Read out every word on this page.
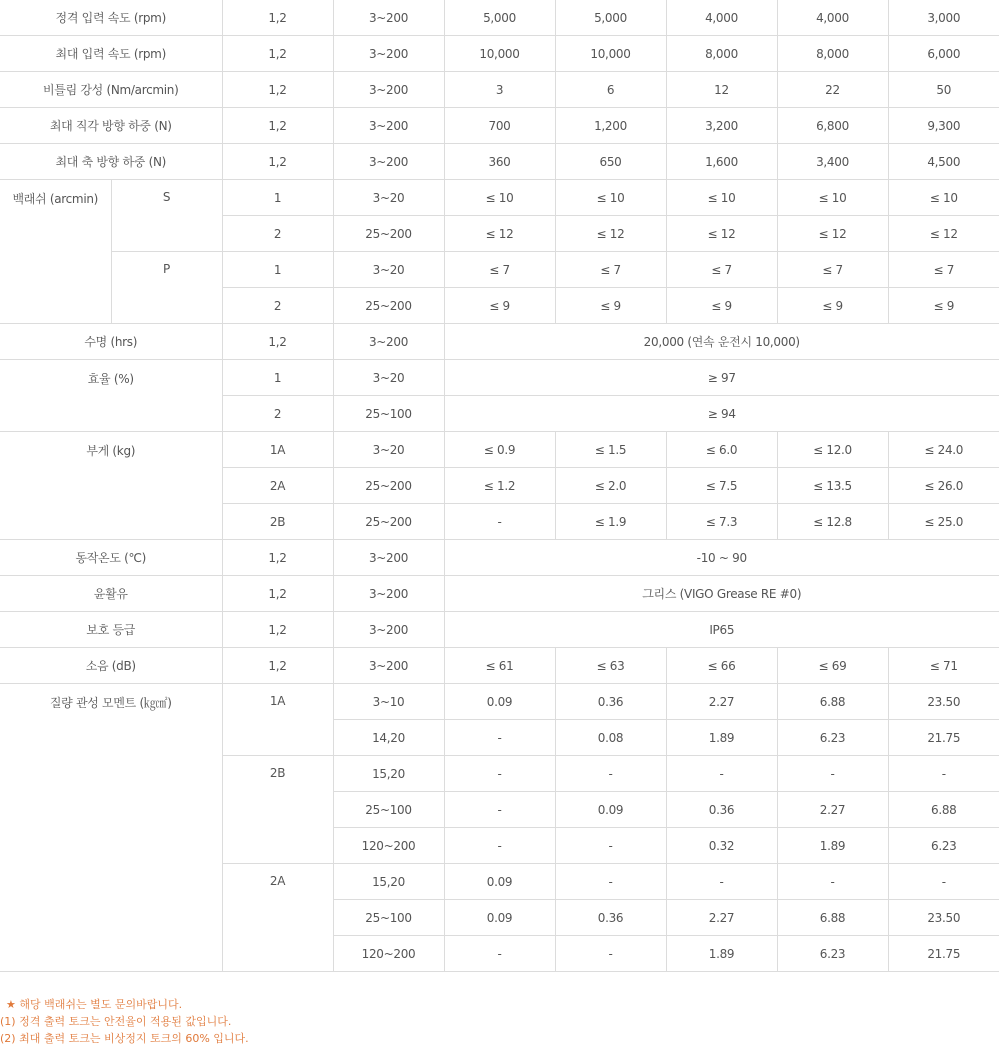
정격 입력 속도 (rpm)		1,2	3~200	5,000	5,000	4,000	4,000	3,000
최대 입력 속도 (rpm)		1,2	3~200	10,000	10,000	8,000	8,000	6,000
비틀림 강성 (Nm/arcmin)		1,2	3~200	3	6	12	22	50
최대 직각 방향 하중 (N)		1,2	3~200	700	1,200	3,200	6,800	9,300
최대 축 방향 하중 (N)		1,2	3~200	360	650	1,600	3,400	4,500
백래쉬 (arcmin)	S	1	3~20	≤ 10	≤ 10	≤ 10	≤ 10	≤ 10
		2	25~200	≤ 12	≤ 12	≤ 12	≤ 12	≤ 12
	P	1	3~20	≤ 7	≤ 7	≤ 7	≤ 7	≤ 7
		2	25~200	≤ 9	≤ 9	≤ 9	≤ 9	≤ 9
수명 (hrs)		1,2	3~200	20,000 (연속 운전시 10,000)				
효율 (%)		1	3~20	≥ 97				
		2	25~100	≥ 94				
부게 (kg)		1A	3~20	≤ 0.9	≤ 1.5	≤ 6.0	≤ 12.0	≤ 24.0
		2A	25~200	≤ 1.2	≤ 2.0	≤ 7.5	≤ 13.5	≤ 26.0
		2B	25~200	-	≤ 1.9	≤ 7.3	≤ 12.8	≤ 25.0
동작온도 (℃)		1,2	3~200	-10 ~ 90				
윤활유		1,2	3~200	그리스 (VIGO Grease RE #0)				
보호 등급		1,2	3~200	IP65				
소음 (dB)		1,2	3~200	≤ 61	≤ 63	≤ 66	≤ 69	≤ 71
질량 관성 모멘트 (㎏㎠)		1A	3~10	0.09	0.36	2.27	6.88	23.50
			14,20	-	0.08	1.89	6.23	21.75
		2B	15,20	-	-	-	-	-
			25~100	-	0.09	0.36	2.27	6.88
			120~200	-	-	0.32	1.89	6.23
		2A	15,20	0.09	-	-	-	-
			25~100	0.09	0.36	2.27	6.88	23.50
			120~200	-	-	1.89	6.23	21.75
★ 해당 백래쉬는 별도 문의바랍니다.
(1) 정격 출력 토크는 안전율이 적용된 값입니다.
(2) 최대 출력 토크는 비상정지 토크의 60% 입니다.
